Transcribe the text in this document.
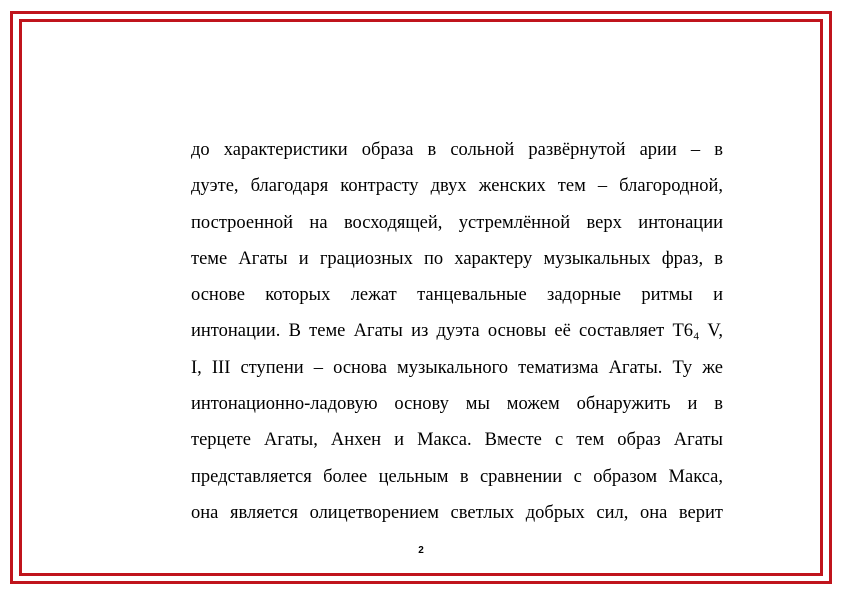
до характеристики образа в сольной развёрнутой арии – в
дуэте, благодаря контрасту двух женских тем – благородной,
построенной на восходящей, устремлённой верх интонации
теме Агаты и грациозных по характеру музыкальных фраз, в
основе которых лежат танцевальные задорные ритмы и
интонации. В теме Агаты из дуэта основы её составляет T6₄ V,
I, III ступени – основа музыкального тематизма Агаты. Ту же
интонационно-ладовую основу мы можем обнаружить и в
терцете Агаты, Анхен и Макса. Вместе с тем образ Агаты
представляется более цельным в сравнении с образом Макса,
она является олицетворением светлых добрых сил, она верит
2
